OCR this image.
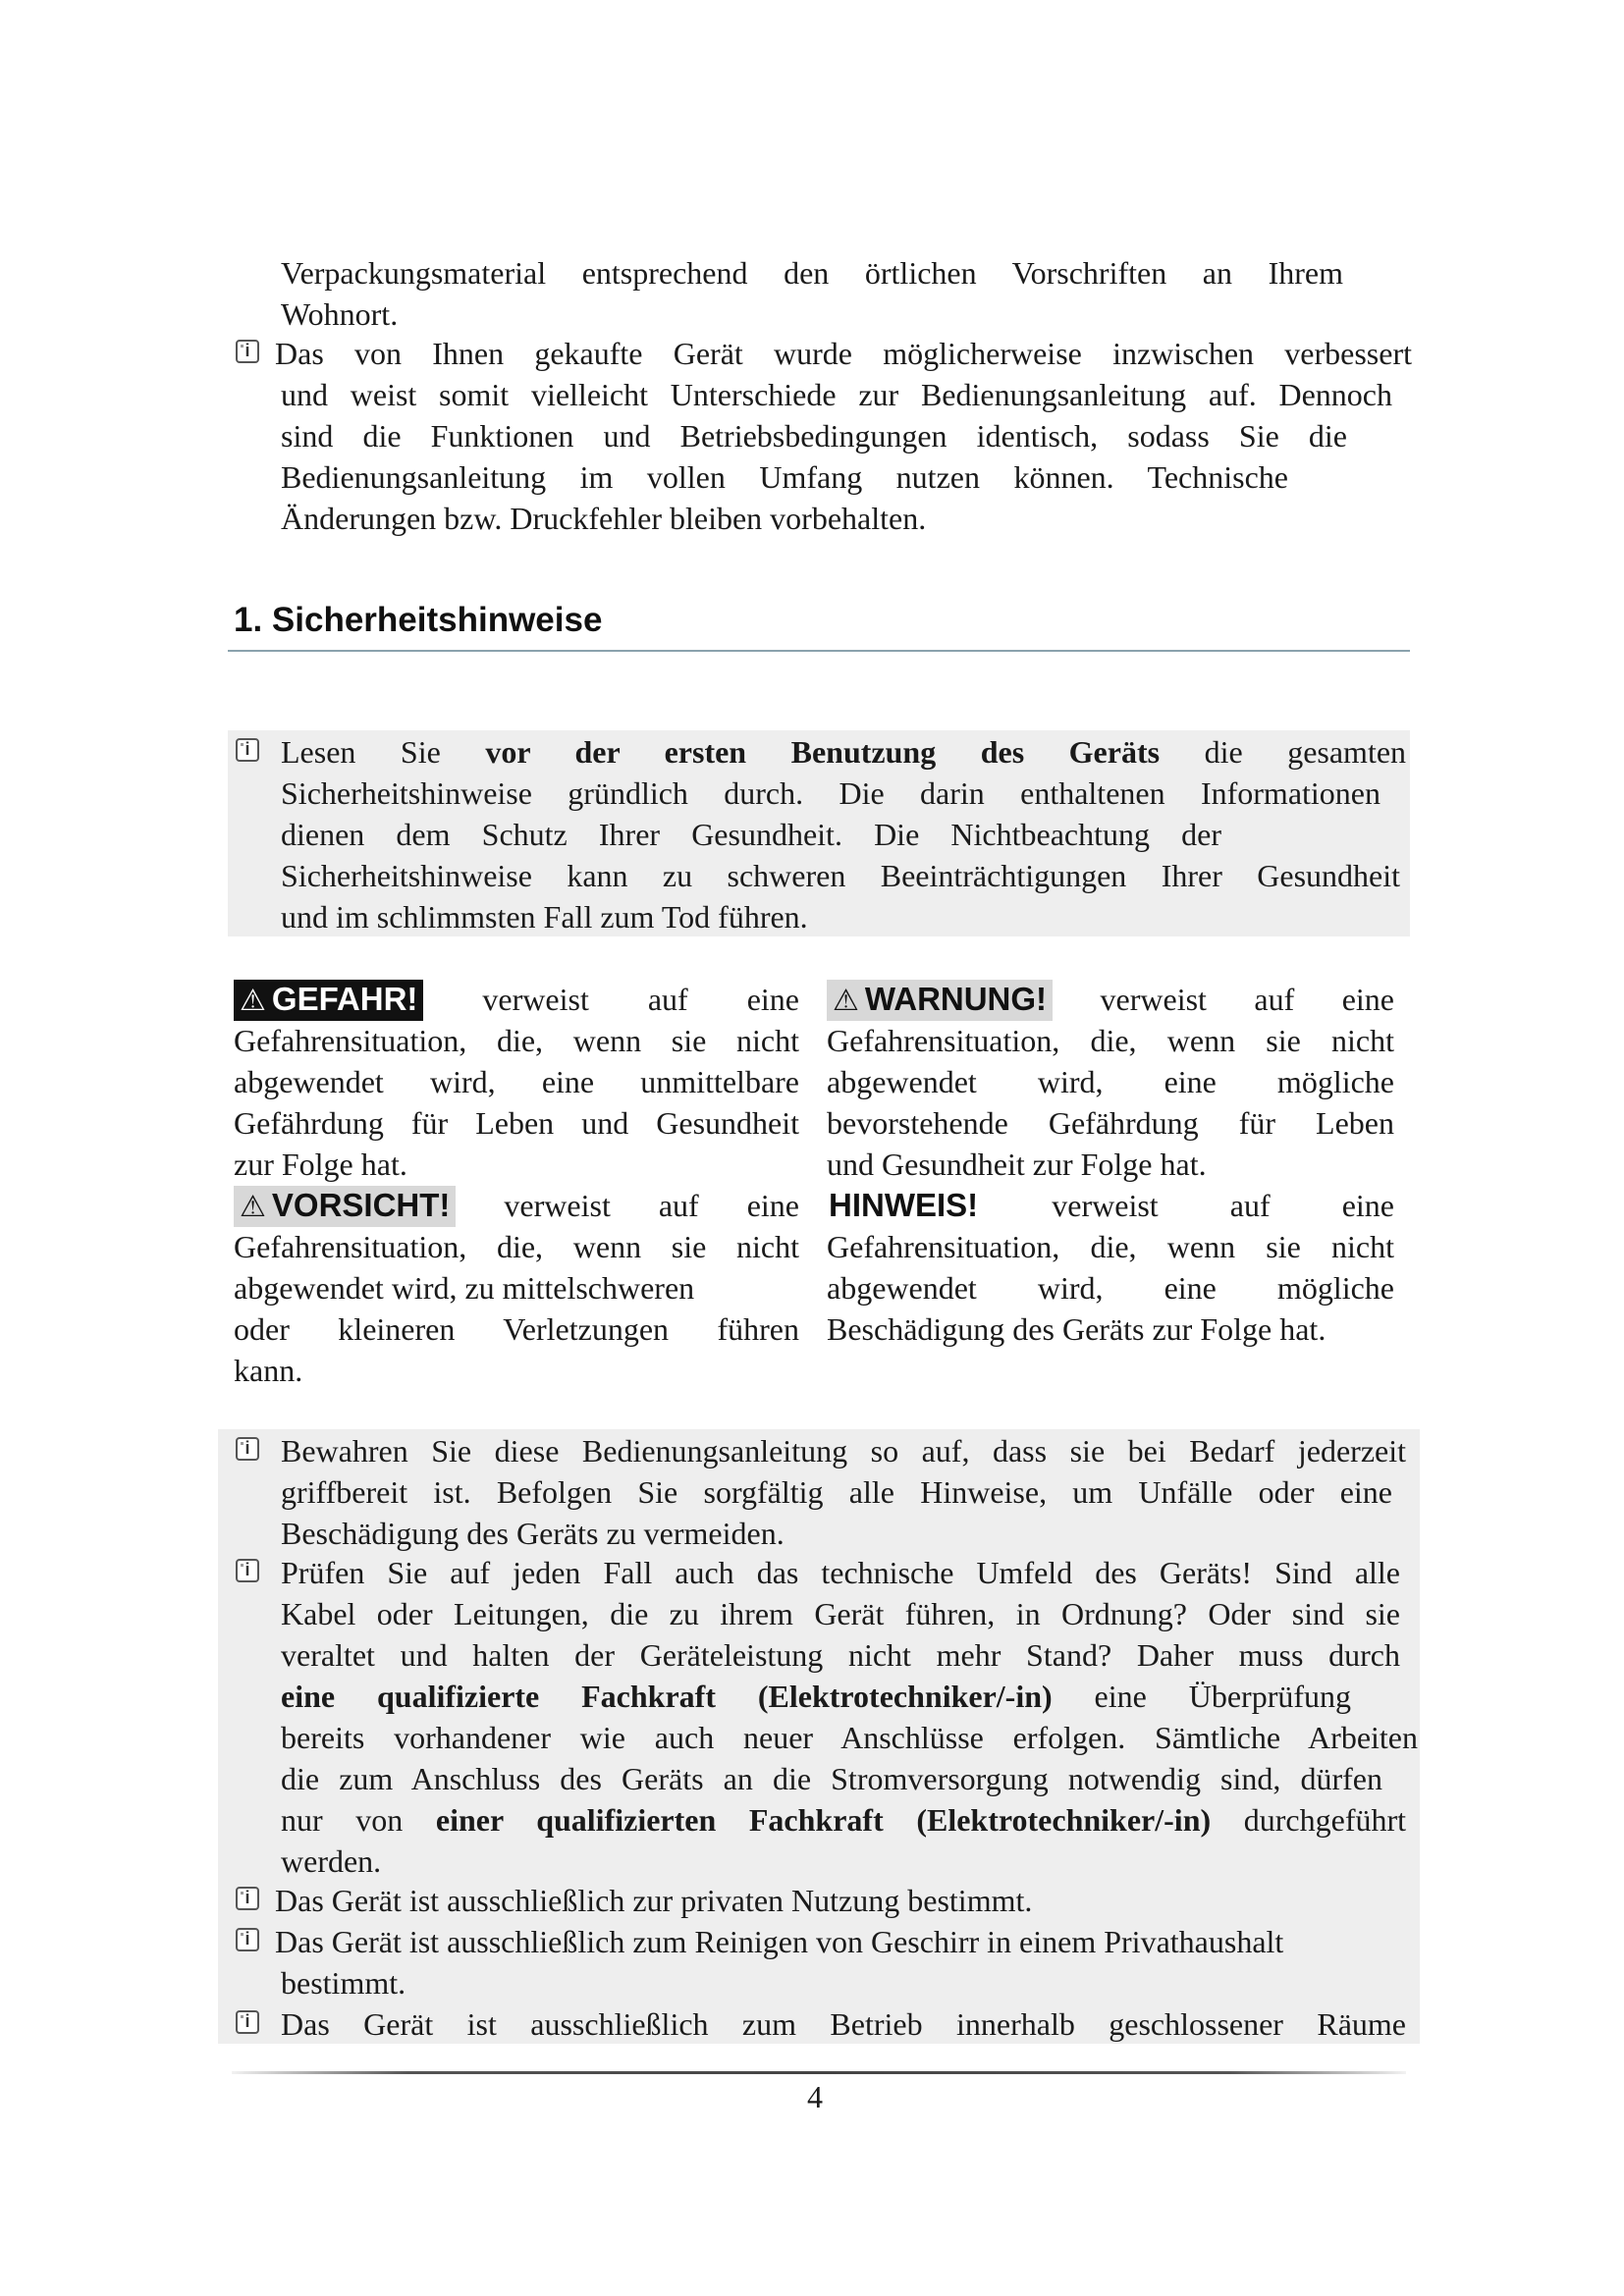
Verpackungsmaterial entsprechend den örtlichen Vorschriften an Ihrem
Wohnort.
i Das von Ihnen gekaufte Gerät wurde möglicherweise inzwischen verbessert
und weist somit vielleicht Unterschiede zur Bedienungsanleitung auf. Dennoch
sind die Funktionen und Betriebsbedingungen identisch, sodass Sie die
Bedienungsanleitung im vollen Umfang nutzen können. Technische
Änderungen bzw. Druckfehler bleiben vorbehalten.
1. Sicherheitshinweise
i Lesen Sie vor der ersten Benutzung des Geräts die gesamten
Sicherheitshinweise gründlich durch. Die darin enthaltenen Informationen
dienen dem Schutz Ihrer Gesundheit. Die Nichtbeachtung der
Sicherheitshinweise kann zu schweren Beeinträchtigungen Ihrer Gesundheit
und im schlimmsten Fall zum Tod führen.
⚠ GEFAHR! verweist auf eine
Gefahrensituation, die, wenn sie nicht
abgewendet wird, eine unmittelbare
Gefährdung für Leben und Gesundheit
zur Folge hat.
⚠ WARNUNG! verweist auf eine
Gefahrensituation, die, wenn sie nicht
abgewendet wird, eine mögliche
bevorstehende Gefährdung für Leben
und Gesundheit zur Folge hat.
⚠ VORSICHT! verweist auf eine
Gefahrensituation, die, wenn sie nicht
abgewendet wird, zu mittelschweren
oder kleineren Verletzungen führen
kann.
HINWEIS! verweist auf eine
Gefahrensituation, die, wenn sie nicht
abgewendet wird, eine mögliche
Beschädigung des Geräts zur Folge hat.
i Bewahren Sie diese Bedienungsanleitung so auf, dass sie bei Bedarf jederzeit
griffbereit ist. Befolgen Sie sorgfältig alle Hinweise, um Unfälle oder eine
Beschädigung des Geräts zu vermeiden.
i Prüfen Sie auf jeden Fall auch das technische Umfeld des Geräts! Sind alle
Kabel oder Leitungen, die zu ihrem Gerät führen, in Ordnung? Oder sind sie
veraltet und halten der Geräteleistung nicht mehr Stand? Daher muss durch
eine qualifizierte Fachkraft (Elektrotechniker/-in) eine Überprüfung
bereits vorhandener wie auch neuer Anschlüsse erfolgen. Sämtliche Arbeiten
die zum Anschluss des Geräts an die Stromversorgung notwendig sind, dürfen
nur von einer qualifizierten Fachkraft (Elektrotechniker/-in) durchgeführt
werden.
i Das Gerät ist ausschließlich zur privaten Nutzung bestimmt.
i Das Gerät ist ausschließlich zum Reinigen von Geschirr in einem Privathaushalt
bestimmt.
i Das Gerät ist ausschließlich zum Betrieb innerhalb geschlossener Räume
4
